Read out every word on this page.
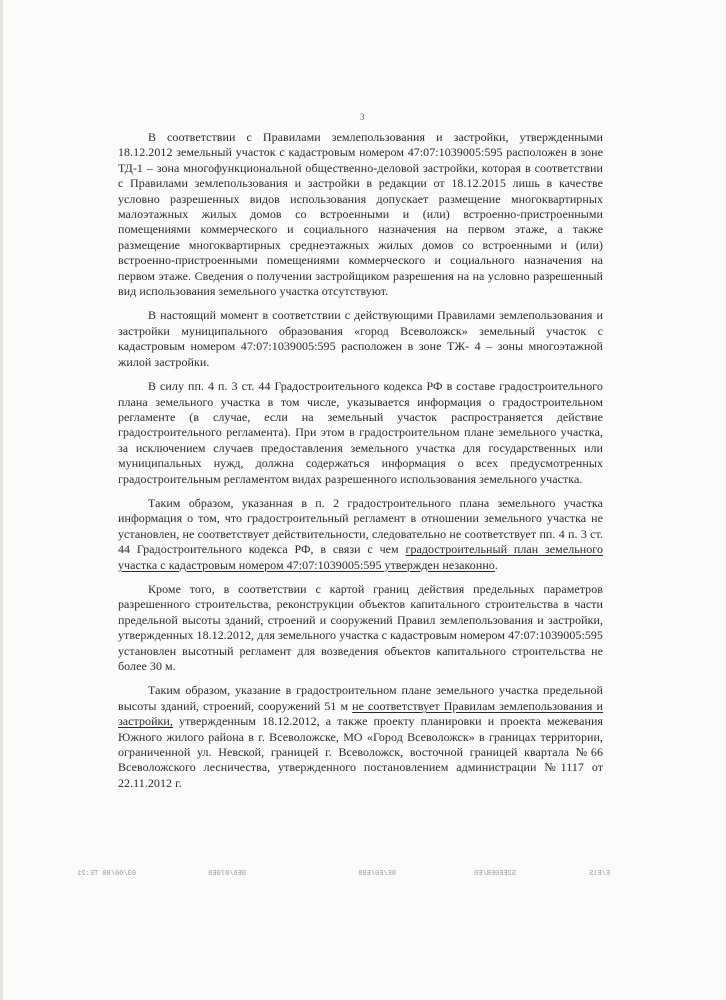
3

В соответствии с Правилами землепользования и застройки, утвержденными 18.12.2012 земельный участок с кадастровым номером 47:07:1039005:595 расположен в зоне ТД-1 – зона многофункциональной общественно-деловой застройки, которая в соответствии с Правилами землепользования и застройки в редакции от 18.12.2015 лишь в качестве условно разрешенных видов использования допускает размещение многоквартирных малоэтажных жилых домов со встроенными и (или) встроенно-пристроенными помещениями коммерческого и социального назначения на первом этаже, а также размещение многоквартирных среднеэтажных жилых домов со встроенными и (или) встроенно-пристроенными помещениями коммерческого и социального назначения на первом этаже. Сведения о получении застройщиком разрешения на на условно разрешенный вид использования земельного участка отсутствуют.

В настоящий момент в соответствии с действующими Правилами землепользования и застройки муниципального образования «город Всеволожск» земельный участок с кадастровым номером 47:07:1039005:595 расположен в зоне ТЖ- 4 – зоны многоэтажной жилой застройки.

В силу пп. 4 п. 3 ст. 44 Градостроительного кодекса РФ в составе градостроительного плана земельного участка в том числе, указывается информация о градостроительном регламенте (в случае, если на земельный участок распространяется действие градостроительного регламента). При этом в градостроительном плане земельного участка, за исключением случаев предоставления земельного участка для государственных или муниципальных нужд, должна содержаться информация о всех предусмотренных градостроительным регламентом видах разрешенного использования земельного участка.

Таким образом, указанная в п. 2 градостроительного плана земельного участка информация о том, что градостроительный регламент в отношении земельного участка не установлен, не соответствует действительности, следовательно не соответствует пп. 4 п. 3 ст. 44 Градостроительного кодекса РФ, в связи с чем градостроительный план земельного участка с кадастровым номером 47:07:1039005:595 утвержден незаконно.

Кроме того, в соответствии с картой границ действия предельных параметров разрешенного строительства, реконструкции объектов капитального строительства в части предельной высоты зданий, строений и сооружений Правил землепользования и застройки, утвержденных 18.12.2012, для земельного участка с кадастровым номером 47:07:1039005:595 установлен высотный регламент для возведения объектов капитального строительства не более 30 м.

Таким образом, указание в градостроительном плане земельного участка предельной высоты зданий, строений, сооружений 51 м не соответствует Правилам землепользования и застройки, утвержденным 18.12.2012, а также проекту планировки и проекта межевания Южного жилого района в г. Всеволожске, МО «Город Всеволожск» в границах территории, ограниченной ул. Невской, границей г. Всеволожск, восточной границей квартала №66 Всеволожского лесничества, утвержденного постановлением администрации №1117 от 22.11.2012 г.

03/60/80 TE:21	0E6/870E0	8E/E0/E08	S2EE0EB/E0	E/ElS
